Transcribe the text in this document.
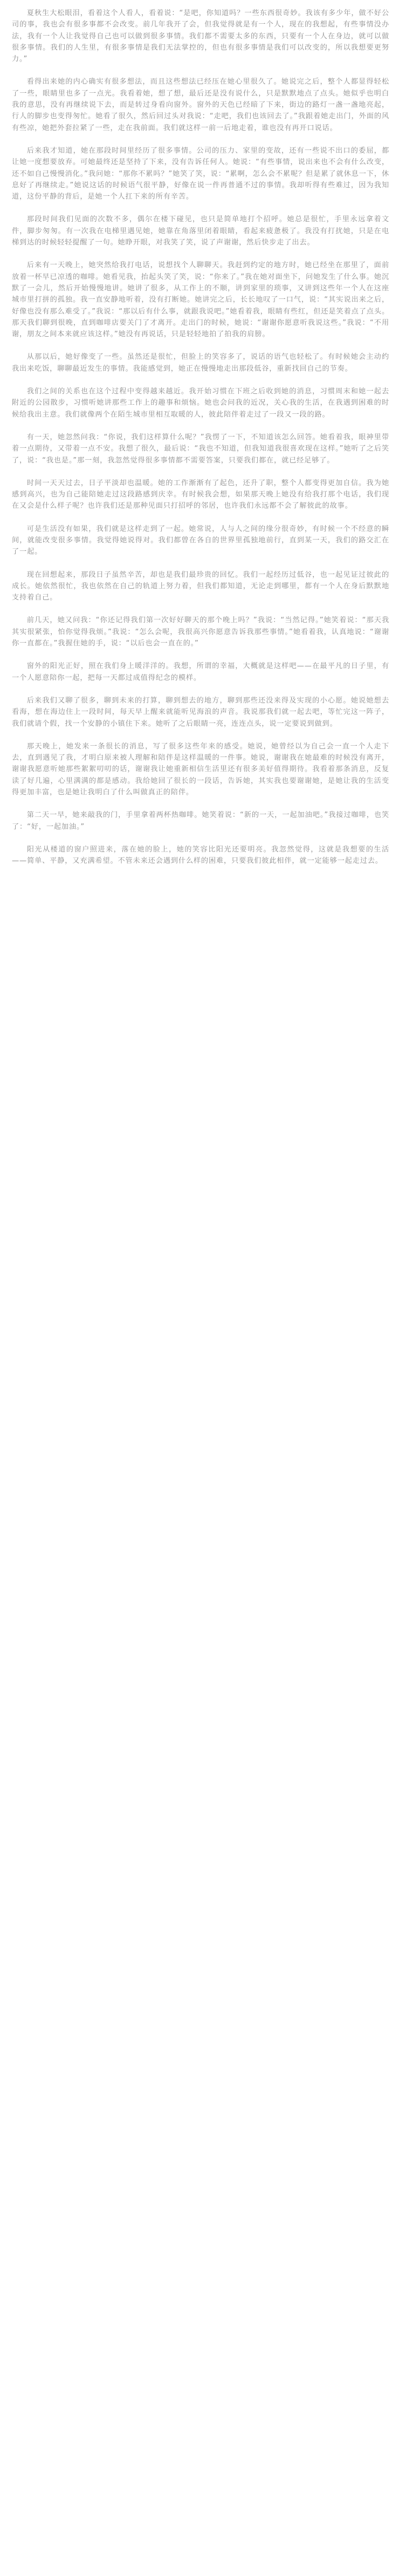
夏秋生大松眼泪，看着这个人看人，看着说：“是吧，你知道吗？一些东西很奇妙。我该有多少年，做不好公司的事，我也会有很多事都不会改变。前几年我开了会，但我觉得就是有一个人，现在的我想起，有些事情没办法，我有一个人让我觉得自己也可以做到很多事情。我们都不需要太多的东西，只要有一个人在身边，就可以做很多事情。我们的人生里，有很多事情是我们无法掌控的，但也有很多事情是我们可以改变的，所以我想要更努力。”

看得出来她的内心确实有很多想法，而且这些想法已经压在她心里很久了。她说完之后，整个人都显得轻松了一些，眼睛里也多了一点光。我看着她，想了想，最后还是没有说什么，只是默默地点了点头。她似乎也明白我的意思，没有再继续说下去，而是转过身看向窗外。窗外的天色已经暗了下来，街边的路灯一盏一盏地亮起，行人的脚步也变得匆忙。她看了很久，然后回过头对我说：“走吧，我们也该回去了。”我跟着她走出门，外面的风有些凉，她把外套拉紧了一些，走在我前面。我们就这样一前一后地走着，谁也没有再开口说话。

后来我才知道，她在那段时间里经历了很多事情。公司的压力、家里的变故，还有一些说不出口的委屈，都让她一度想要放弃。可她最终还是坚持了下来，没有告诉任何人。她说：“有些事情，说出来也不会有什么改变，还不如自己慢慢消化。”我问她：“那你不累吗？”她笑了笑，说：“累啊，怎么会不累呢？但是累了就休息一下，休息好了再继续走。”她说这话的时候语气很平静，好像在说一件再普通不过的事情。我却听得有些难过，因为我知道，这份平静的背后，是她一个人扛下来的所有辛苦。

那段时间我们见面的次数不多，偶尔在楼下碰见，也只是简单地打个招呼。她总是很忙，手里永远拿着文件，脚步匆匆。有一次我在电梯里遇见她，她靠在角落里闭着眼睛，看起来疲惫极了。我没有打扰她，只是在电梯到达的时候轻轻提醒了一句。她睁开眼，对我笑了笑，说了声谢谢，然后快步走了出去。

后来有一天晚上，她突然给我打电话，说想找个人聊聊天。我赶到约定的地方时，她已经坐在那里了，面前放着一杯早已凉透的咖啡。她看见我，抬起头笑了笑，说：“你来了。”我在她对面坐下，问她发生了什么事。她沉默了一会儿，然后开始慢慢地讲。她讲了很多，从工作上的不顺，讲到家里的琐事，又讲到这些年一个人在这座城市里打拼的孤独。我一直安静地听着，没有打断她。她讲完之后，长长地叹了一口气，说：“其实说出来之后，好像也没有那么难受了。”我说：“那以后有什么事，就跟我说吧。”她看着我，眼睛有些红，但还是笑着点了点头。那天我们聊到很晚，直到咖啡店要关门了才离开。走出门的时候，她说：“谢谢你愿意听我说这些。”我说：“不用谢，朋友之间本来就应该这样。”她没有再说话，只是轻轻地拍了拍我的肩膀。

从那以后，她好像变了一些。虽然还是很忙，但脸上的笑容多了，说话的语气也轻松了。有时候她会主动约我出来吃饭，聊聊最近发生的事情。我能感觉到，她正在慢慢地走出那段低谷，重新找回自己的节奏。

我们之间的关系也在这个过程中变得越来越近。我开始习惯在下班之后收到她的消息，习惯周末和她一起去附近的公园散步，习惯听她讲那些工作上的趣事和烦恼。她也会问我的近况，关心我的生活，在我遇到困难的时候给我出主意。我们就像两个在陌生城市里相互取暖的人，彼此陪伴着走过了一段又一段的路。

有一天，她忽然问我：“你说，我们这样算什么呢？”我愣了一下，不知道该怎么回答。她看着我，眼神里带着一点期待，又带着一点不安。我想了很久，最后说：“我也不知道，但我知道我很喜欢现在这样。”她听了之后笑了，说：“我也是。”那一刻，我忽然觉得很多事情都不需要答案，只要我们都在，就已经足够了。

时间一天天过去，日子平淡却也温暖。她的工作渐渐有了起色，还升了职，整个人都变得更加自信。我为她感到高兴，也为自己能陪她走过这段路感到庆幸。有时候我会想，如果那天晚上她没有给我打那个电话，我们现在又会是什么样子呢？也许我们还是那种见面只打招呼的邻居，也许我们永远都不会了解彼此的故事。

可是生活没有如果，我们就是这样走到了一起。她常说，人与人之间的缘分很奇妙，有时候一个不经意的瞬间，就能改变很多事情。我觉得她说得对。我们都曾在各自的世界里孤独地前行，直到某一天，我们的路交汇在了一起。

现在回想起来，那段日子虽然辛苦，却也是我们最珍贵的回忆。我们一起经历过低谷，也一起见证过彼此的成长。她依然很忙，我也依然在自己的轨道上努力着，但我们都知道，无论走到哪里，都有一个人在身后默默地支持着自己。

前几天，她又问我：“你还记得我们第一次好好聊天的那个晚上吗？”我说：“当然记得。”她笑着说：“那天我其实很紧张，怕你觉得我烦。”我说：“怎么会呢，我很高兴你愿意告诉我那些事情。”她看着我，认真地说：“谢谢你一直都在。”我握住她的手，说：“以后也会一直在的。”

窗外的阳光正好，照在我们身上暖洋洋的。我想，所谓的幸福，大概就是这样吧——在最平凡的日子里，有一个人愿意陪你一起，把每一天都过成值得纪念的模样。

后来我们又聊了很多，聊到未来的打算，聊到想去的地方，聊到那些还没来得及实现的小心愿。她说她想去看海，想在海边住上一段时间，每天早上醒来就能听见海浪的声音。我说那我们就一起去吧，等忙完这一阵子，我们就请个假，找一个安静的小镇住下来。她听了之后眼睛一亮，连连点头，说一定要说到做到。

那天晚上，她发来一条很长的消息，写了很多这些年来的感受。她说，她曾经以为自己会一直一个人走下去，直到遇见了我，才明白原来被人理解和陪伴是这样温暖的一件事。她说，谢谢我在她最难的时候没有离开，谢谢我愿意听她那些絮絮叨叨的话，谢谢我让她重新相信生活里还有很多美好值得期待。我看着那条消息，反复读了好几遍，心里满满的都是感动。我给她回了很长的一段话，告诉她，其实我也要谢谢她，是她让我的生活变得更加丰富，也是她让我明白了什么叫做真正的陪伴。

第二天一早，她来敲我的门，手里拿着两杯热咖啡。她笑着说：“新的一天，一起加油吧。”我接过咖啡，也笑了：“好，一起加油。”

阳光从楼道的窗户照进来，落在她的脸上，她的笑容比阳光还要明亮。我忽然觉得，这就是我想要的生活——简单、平静，又充满希望。不管未来还会遇到什么样的困难，只要我们彼此相伴，就一定能够一起走过去。
